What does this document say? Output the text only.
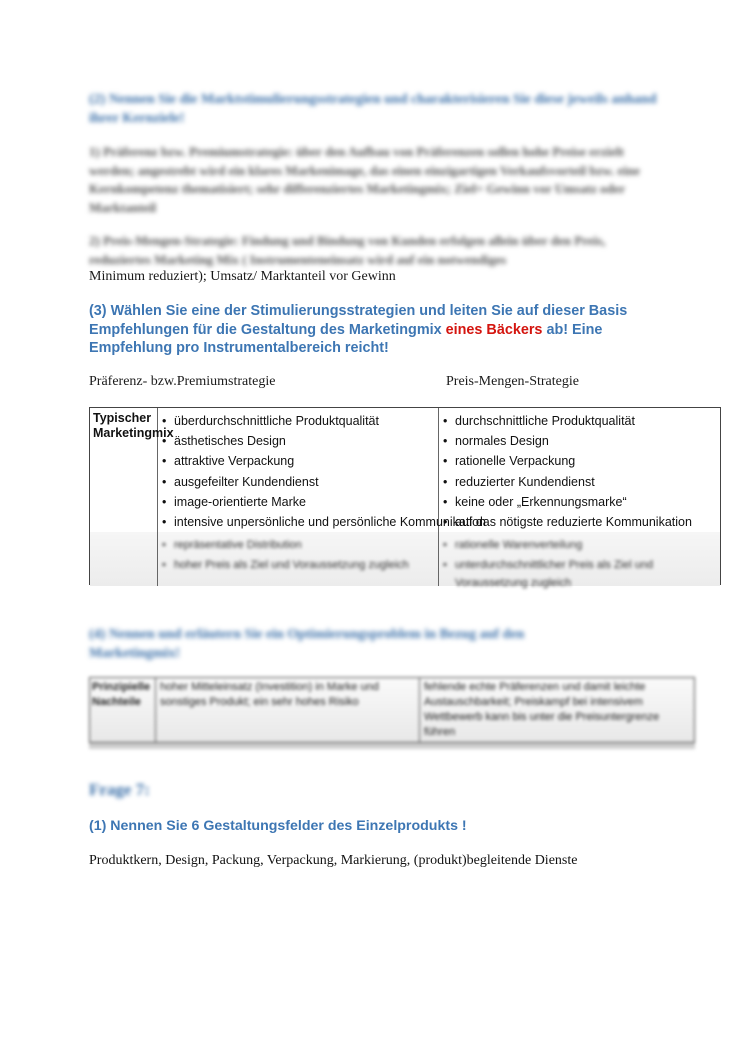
(2) Nennen Sie die Marktstimulierungsstrategien und charakterisieren Sie diese jeweils anhand ihrer Kernziele!
1) Präferenz bzw. Premiumstrategie: über den Aufbau von Präferenzen sollen hohe Preise erzielt werden; angestrebt wird ein klares Markenimage, das einen einzigartigen Verkaufsvorteil bzw. eine Kernkompetenz thematisiert; sehr differenziertes Marketingmix; Ziel= Gewinn vor Umsatz oder Marktanteil
2) Preis-Mengen-Strategie: Findung und Bindung von Kunden erfolgen allein über den Preis, reduziertes Marketing Mix ( Instrumenteneinsatz wird auf ein notwendiges
Minimum reduziert); Umsatz/ Marktanteil vor Gewinn
(3) Wählen Sie eine der Stimulierungsstrategien und leiten Sie auf dieser Basis Empfehlungen für die Gestaltung des Marketingmix eines Bäckers ab! Eine Empfehlung pro Instrumentalbereich reicht!
Präferenz- bzw.Premiumstrategie	Preis-Mengen-Strategie
Typischer Marketingmix
• überdurchschnittliche Produktqualität
• ästhetisches Design
• attraktive Verpackung
• ausgefeilter Kundendienst
• image-orientierte Marke
• intensive unpersönliche und persönliche Kommunikation
• durchschnittliche Produktqualität
• normales Design
• rationelle Verpackung
• reduzierter Kundendienst
• keine oder „Erkennungsmarke“
• auf das nötigste reduzierte Kommunikation
• repräsentative Distribution
• hoher Preis als Ziel und Voraussetzung zugleich
• rationelle Warenverteilung
• unterdurchschnittlicher Preis als Ziel und Voraussetzung zugleich
(4) Nennen und erläutern Sie ein Optimierungsproblem in Bezug auf den Marketingmix!
Prinzipielle Nachteile
hoher Mitteleinsatz (Investition) in Marke und sonstiges Produkt; ein sehr hohes Risiko
fehlende echte Präferenzen und damit leichte Austauschbarkeit; Preiskampf bei intensivem Wettbewerb kann bis unter die Preisuntergrenze führen
Frage 7:
(1) Nennen Sie 6 Gestaltungsfelder des Einzelprodukts !
Produktkern, Design, Packung, Verpackung, Markierung, (produkt)begleitende Dienste
